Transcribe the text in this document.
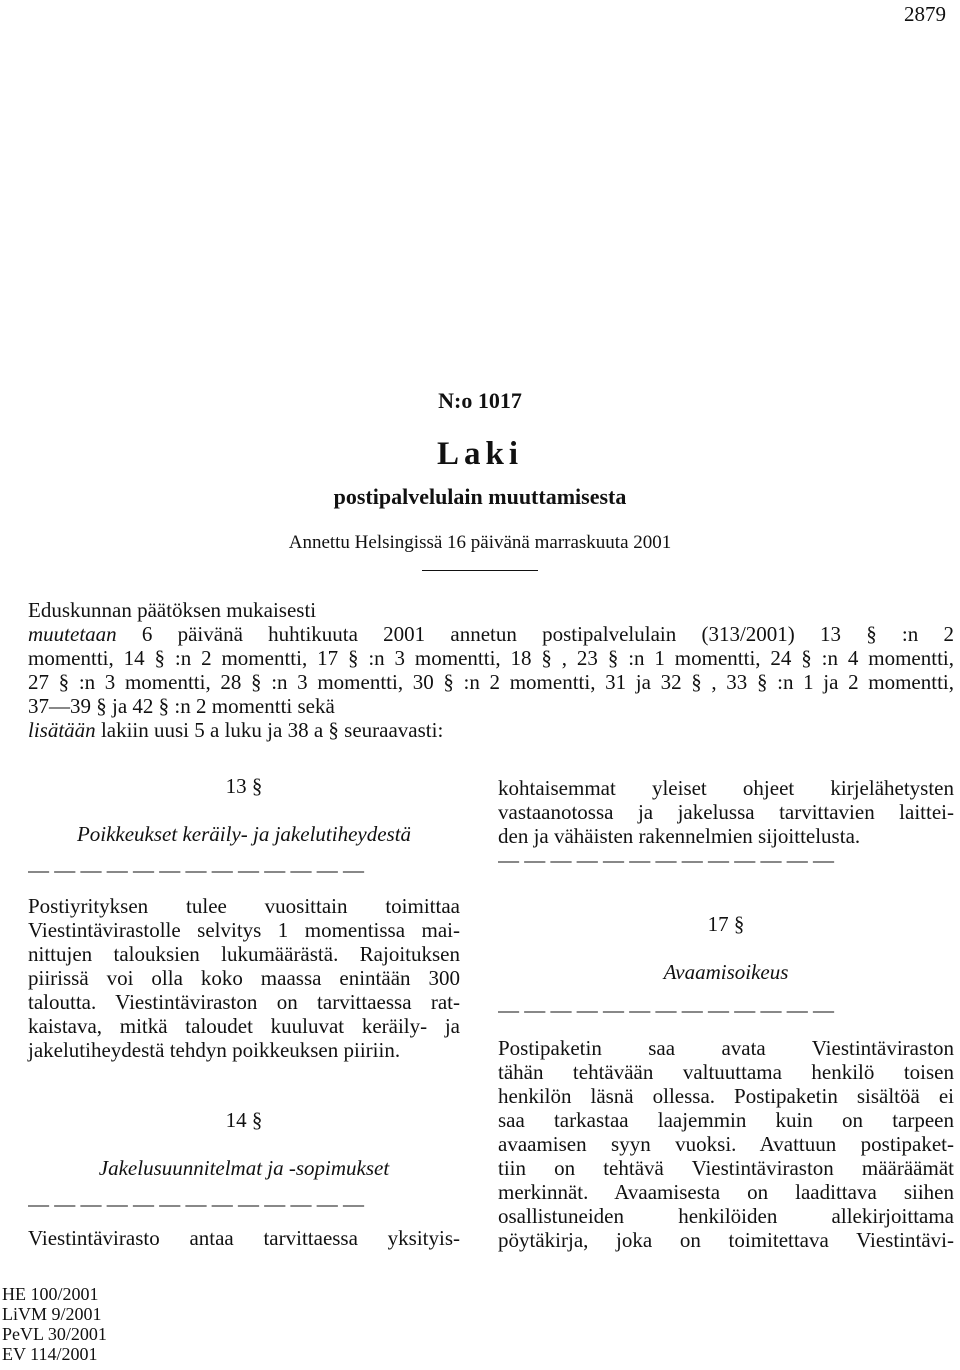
2879
N:o 1017
Laki
postipalvelulain muuttamisesta
Annettu Helsingissä 16 päivänä marraskuuta 2001
Eduskunnan päätöksen mukaisesti
muutetaan 6 päivänä huhtikuuta 2001 annetun postipalvelulain (313/2001) 13 § :n 2
momentti, 14 § :n 2 momentti, 17 § :n 3 momentti, 18 § , 23 § :n 1 momentti, 24 § :n 4 momentti,
27 § :n 3 momentti, 28 § :n 3 momentti, 30 § :n 2 momentti, 31 ja 32 § , 33 § :n 1 ja 2 momentti,
37—39 § ja 42 § :n 2 momentti sekä
lisätään lakiin uusi 5 a luku ja 38 a § seuraavasti:
13 §
Poikkeukset keräily- ja jakelutiheydestä
— — — — — — — — — — — — —
Postiyrityksen tulee vuosittain toimittaa
Viestintävirastolle selvitys 1 momentissa mai-
nittujen talouksien lukumäärästä. Rajoituksen
piirissä voi olla koko maassa enintään 300
taloutta. Viestintäviraston on tarvittaessa rat-
kaistava, mitkä taloudet kuuluvat keräily- ja
jakelutiheydestä tehdyn poikkeuksen piiriin.
14 §
Jakelusuunnitelmat ja -sopimukset
— — — — — — — — — — — — —
Viestintävirasto antaa tarvittaessa yksityis-
kohtaisemmat yleiset ohjeet kirjelähetysten
vastaanotossa ja jakelussa tarvittavien laittei-
den ja vähäisten rakennelmien sijoittelusta.
— — — — — — — — — — — — —
17 §
Avaamisoikeus
— — — — — — — — — — — — —
Postipaketin saa avata Viestintäviraston
tähän tehtävään valtuuttama henkilö toisen
henkilön läsnä ollessa. Postipaketin sisältöä ei
saa tarkastaa laajemmin kuin on tarpeen
avaamisen syyn vuoksi. Avattuun postipaket-
tiin on tehtävä Viestintäviraston määräämät
merkinnät. Avaamisesta on laadittava siihen
osallistuneiden henkilöiden allekirjoittama
pöytäkirja, joka on toimitettava Viestintävi-
HE 100/2001
LiVM 9/2001
PeVL 30/2001
EV 114/2001
